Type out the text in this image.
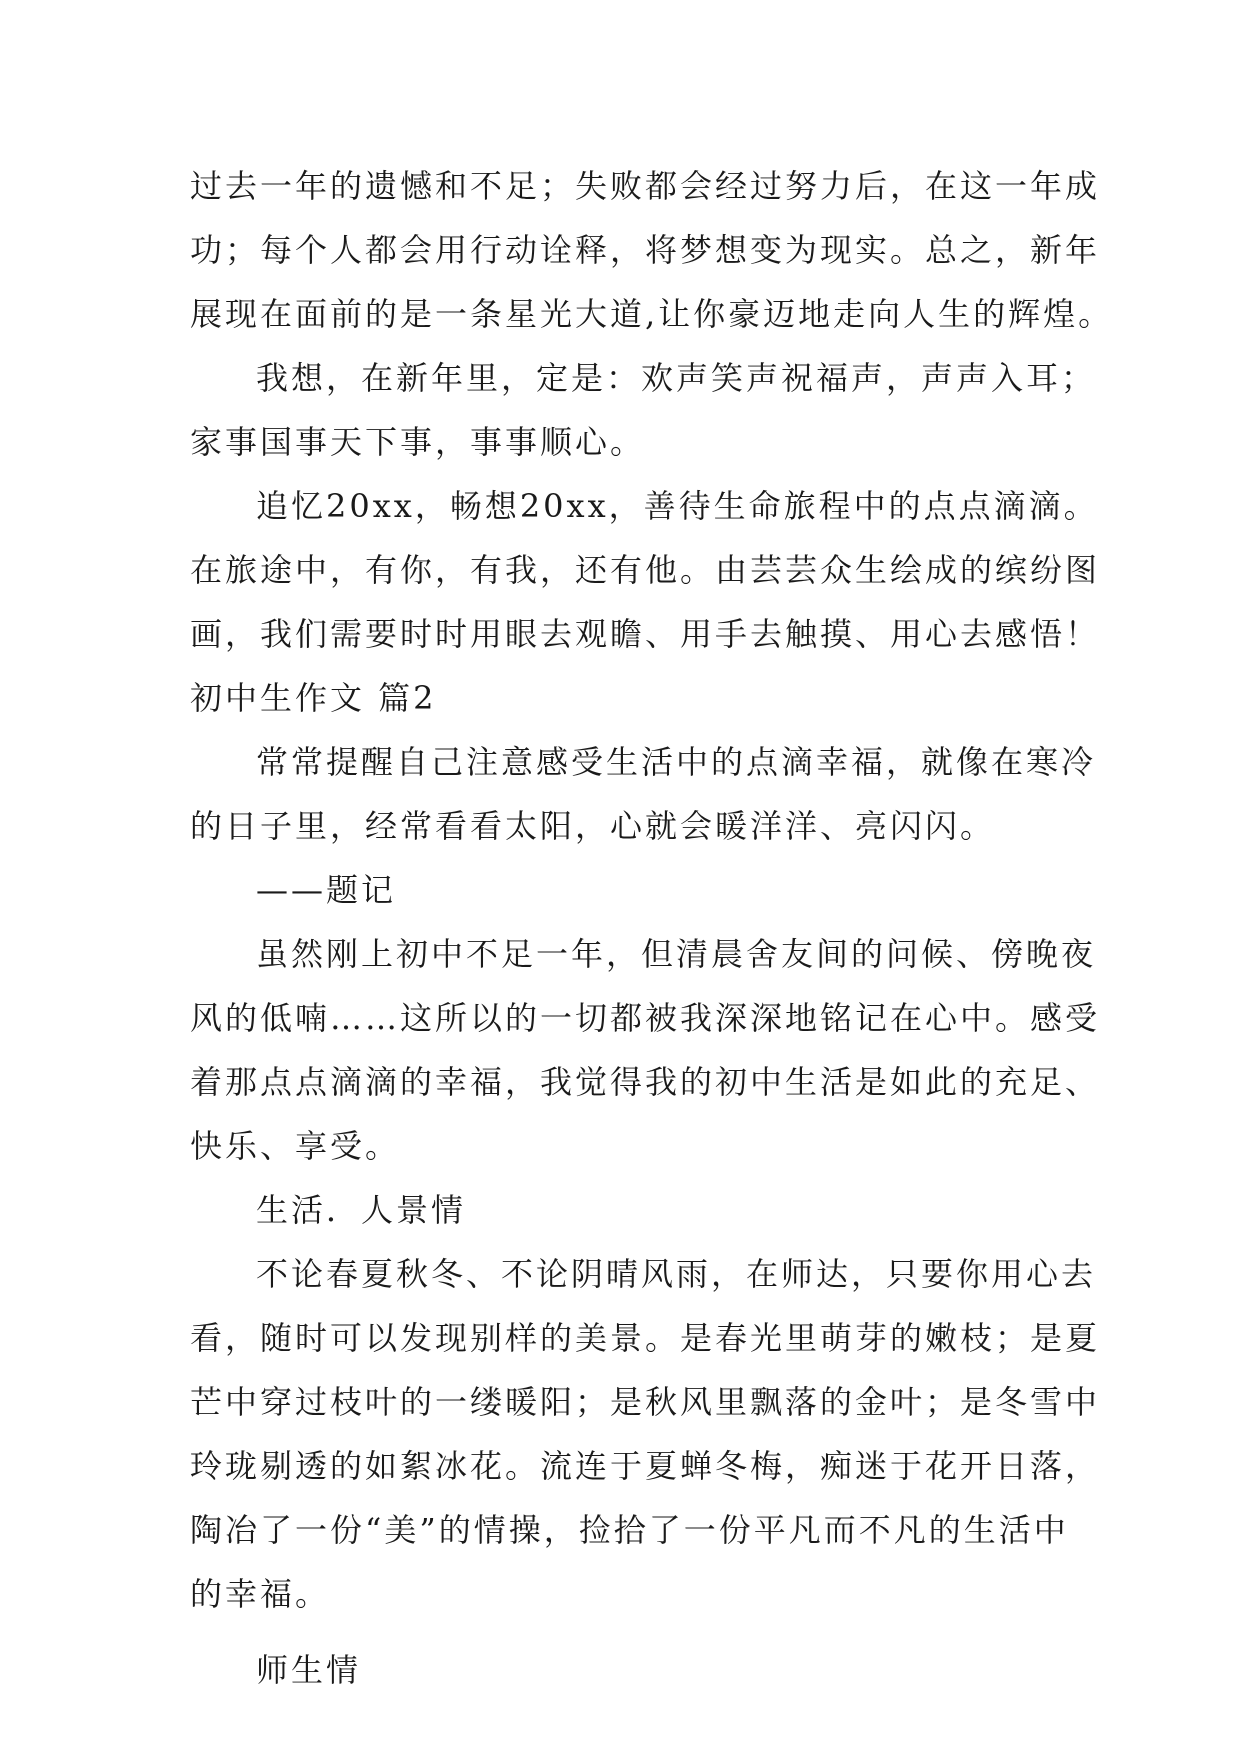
过去一年的遗憾和不足；失败都会经过努力后，在这一年成

功；每个人都会用行动诠释，将梦想变为现实。总之，新年

展现在面前的是一条星光大道,让你豪迈地走向人生的辉煌。

我想，在新年里，定是：欢声笑声祝福声，声声入耳；

家事国事天下事，事事顺心。

追忆20xx，畅想20xx，善待生命旅程中的点点滴滴。

在旅途中，有你，有我，还有他。由芸芸众生绘成的缤纷图

画，我们需要时时用眼去观瞻、用手去触摸、用心去感悟！

初中生作文 篇2

常常提醒自己注意感受生活中的点滴幸福，就像在寒冷

的日子里，经常看看太阳，心就会暖洋洋、亮闪闪。

——题记

虽然刚上初中不足一年，但清晨舍友间的问候、傍晚夜

风的低喃……这所以的一切都被我深深地铭记在心中。感受

着那点点滴滴的幸福，我觉得我的初中生活是如此的充足、

快乐、享受。

生活．人景情

不论春夏秋冬、不论阴晴风雨，在师达，只要你用心去

看，随时可以发现别样的美景。是春光里萌芽的嫩枝；是夏

芒中穿过枝叶的一缕暖阳；是秋风里飘落的金叶；是冬雪中

玲珑剔透的如絮冰花。流连于夏蝉冬梅，痴迷于花开日落，

陶冶了一份“美”的情操，捡拾了一份平凡而不凡的生活中

的幸福。

师生情
